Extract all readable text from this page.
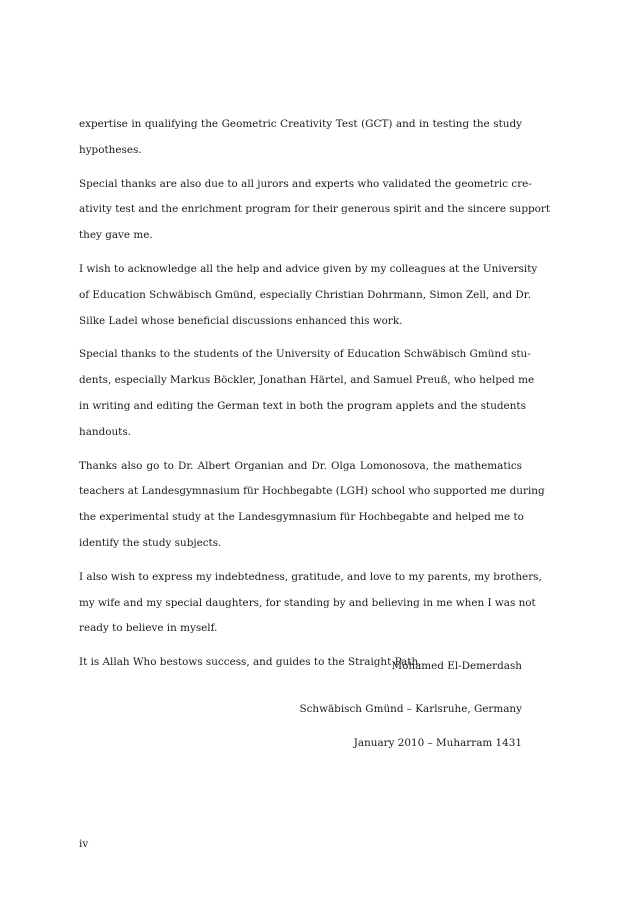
expertise in qualifying the Geometric Creativity Test (GCT) and in testing the study
hypotheses.
Special thanks are also due to all jurors and experts who validated the geometric cre-
ativity test and the enrichment program for their generous spirit and the sincere support
they gave me.
I wish to acknowledge all the help and advice given by my colleagues at the University
of Education Schwäbisch Gmünd, especially Christian Dohrmann, Simon Zell, and Dr.
Silke Ladel whose beneficial discussions enhanced this work.
Special thanks to the students of the University of Education Schwäbisch Gmünd stu-
dents, especially Markus Böckler, Jonathan Härtel, and Samuel Preuß, who helped me
in writing and editing the German text in both the program applets and the students
handouts.
Thanks also go to Dr. Albert Organian and Dr. Olga Lomonosova, the mathematics
teachers at Landesgymnasium für Hochbegabte (LGH) school who supported me during
the experimental study at the Landesgymnasium für Hochbegabte and helped me to
identify the study subjects.
I also wish to express my indebtedness, gratitude, and love to my parents, my brothers,
my wife and my special daughters, for standing by and believing in me when I was not
ready to believe in myself.
It is Allah Who bestows success, and guides to the Straight Path.
Mohamed El-Demerdash
Schwäbisch Gmünd – Karlsruhe, Germany
January 2010 – Muharram 1431
iv
